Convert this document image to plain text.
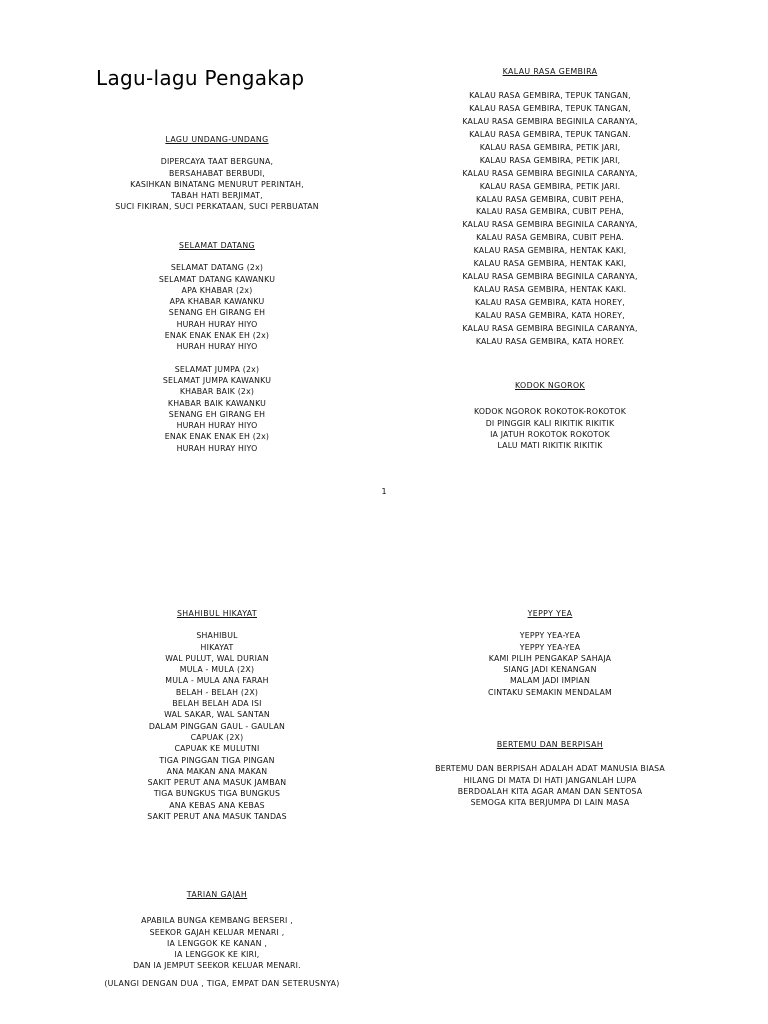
Lagu-lagu Pengakap
LAGU UNDANG-UNDANG
DIPERCAYA TAAT BERGUNA,
BERSAHABAT BERBUDI,
KASIHKAN BINATANG MENURUT PERINTAH,
TABAH HATI BERJIMAT,
SUCI FIKIRAN, SUCI PERKATAAN, SUCI PERBUATAN
SELAMAT DATANG
SELAMAT DATANG (2x)
SELAMAT DATANG KAWANKU
APA KHABAR (2x)
APA KHABAR KAWANKU
SENANG EH GIRANG EH
HURAH HURAY HIYO
ENAK ENAK ENAK EH (2x)
HURAH HURAY HIYO
SELAMAT JUMPA (2x)
SELAMAT JUMPA KAWANKU
KHABAR BAIK (2x)
KHABAR BAIK KAWANKU
SENANG EH GIRANG EH
HURAH HURAY HIYO
ENAK ENAK ENAK EH (2x)
HURAH HURAY HIYO
KALAU RASA GEMBIRA
KALAU RASA GEMBIRA, TEPUK TANGAN,
KALAU RASA GEMBIRA, TEPUK TANGAN,
KALAU RASA GEMBIRA BEGINILA CARANYA,
KALAU RASA GEMBIRA, TEPUK TANGAN.
KALAU RASA GEMBIRA, PETIK JARI,
KALAU RASA GEMBIRA, PETIK JARI,
KALAU RASA GEMBIRA BEGINILA CARANYA,
KALAU RASA GEMBIRA, PETIK JARI.
KALAU RASA GEMBIRA, CUBIT PEHA,
KALAU RASA GEMBIRA, CUBIT PEHA,
KALAU RASA GEMBIRA BEGINILA CARANYA,
KALAU RASA GEMBIRA, CUBIT PEHA.
KALAU RASA GEMBIRA, HENTAK KAKI,
KALAU RASA GEMBIRA, HENTAK KAKI,
KALAU RASA GEMBIRA BEGINILA CARANYA,
KALAU RASA GEMBIRA, HENTAK KAKI.
KALAU RASA GEMBIRA, KATA HOREY,
KALAU RASA GEMBIRA, KATA HOREY,
KALAU RASA GEMBIRA BEGINILA CARANYA,
KALAU RASA GEMBIRA, KATA HOREY.
KODOK NGOROK
KODOK NGOROK ROKOTOK-ROKOTOK
DI PINGGIR KALI RIKITIK RIKITIK
IA JATUH ROKOTOK ROKOTOK
LALU MATI RIKITIK RIKITIK
1
SHAHIBUL HIKAYAT
SHAHIBUL
HIKAYAT
WAL PULUT, WAL DURIAN
MULA - MULA (2X)
MULA - MULA ANA FARAH
BELAH - BELAH (2X)
BELAH BELAH ADA ISI
WAL SAKAR, WAL SANTAN
DALAM PINGGAN GAUL - GAULAN
CAPUAK (2X)
CAPUAK KE MULUTNI
TIGA PINGGAN TIGA PINGAN
ANA MAKAN ANA MAKAN
SAKIT PERUT ANA MASUK JAMBAN
TIGA BUNGKUS TIGA BUNGKUS
ANA KEBAS ANA KEBAS
SAKIT PERUT ANA MASUK TANDAS
TARIAN GAJAH
APABILA BUNGA KEMBANG BERSERI ,
SEEKOR GAJAH KELUAR MENARI ,
IA LENGGOK KE KANAN ,
IA LENGGOK KE KIRI,
DAN IA JEMPUT SEEKOR KELUAR MENARI.
(ULANGI DENGAN DUA , TIGA, EMPAT DAN SETERUSNYA)
YEPPY YEA
YEPPY YEA-YEA
YEPPY YEA-YEA
KAMI PILIH PENGAKAP SAHAJA
SIANG JADI KENANGAN
MALAM JADI IMPIAN
CINTAKU SEMAKIN MENDALAM
BERTEMU DAN BERPISAH
BERTEMU DAN BERPISAH ADALAH ADAT MANUSIA BIASA
HILANG DI MATA DI HATI JANGANLAH LUPA
BERDOALAH KITA AGAR AMAN DAN SENTOSA
SEMOGA KITA BERJUMPA DI LAIN MASA
